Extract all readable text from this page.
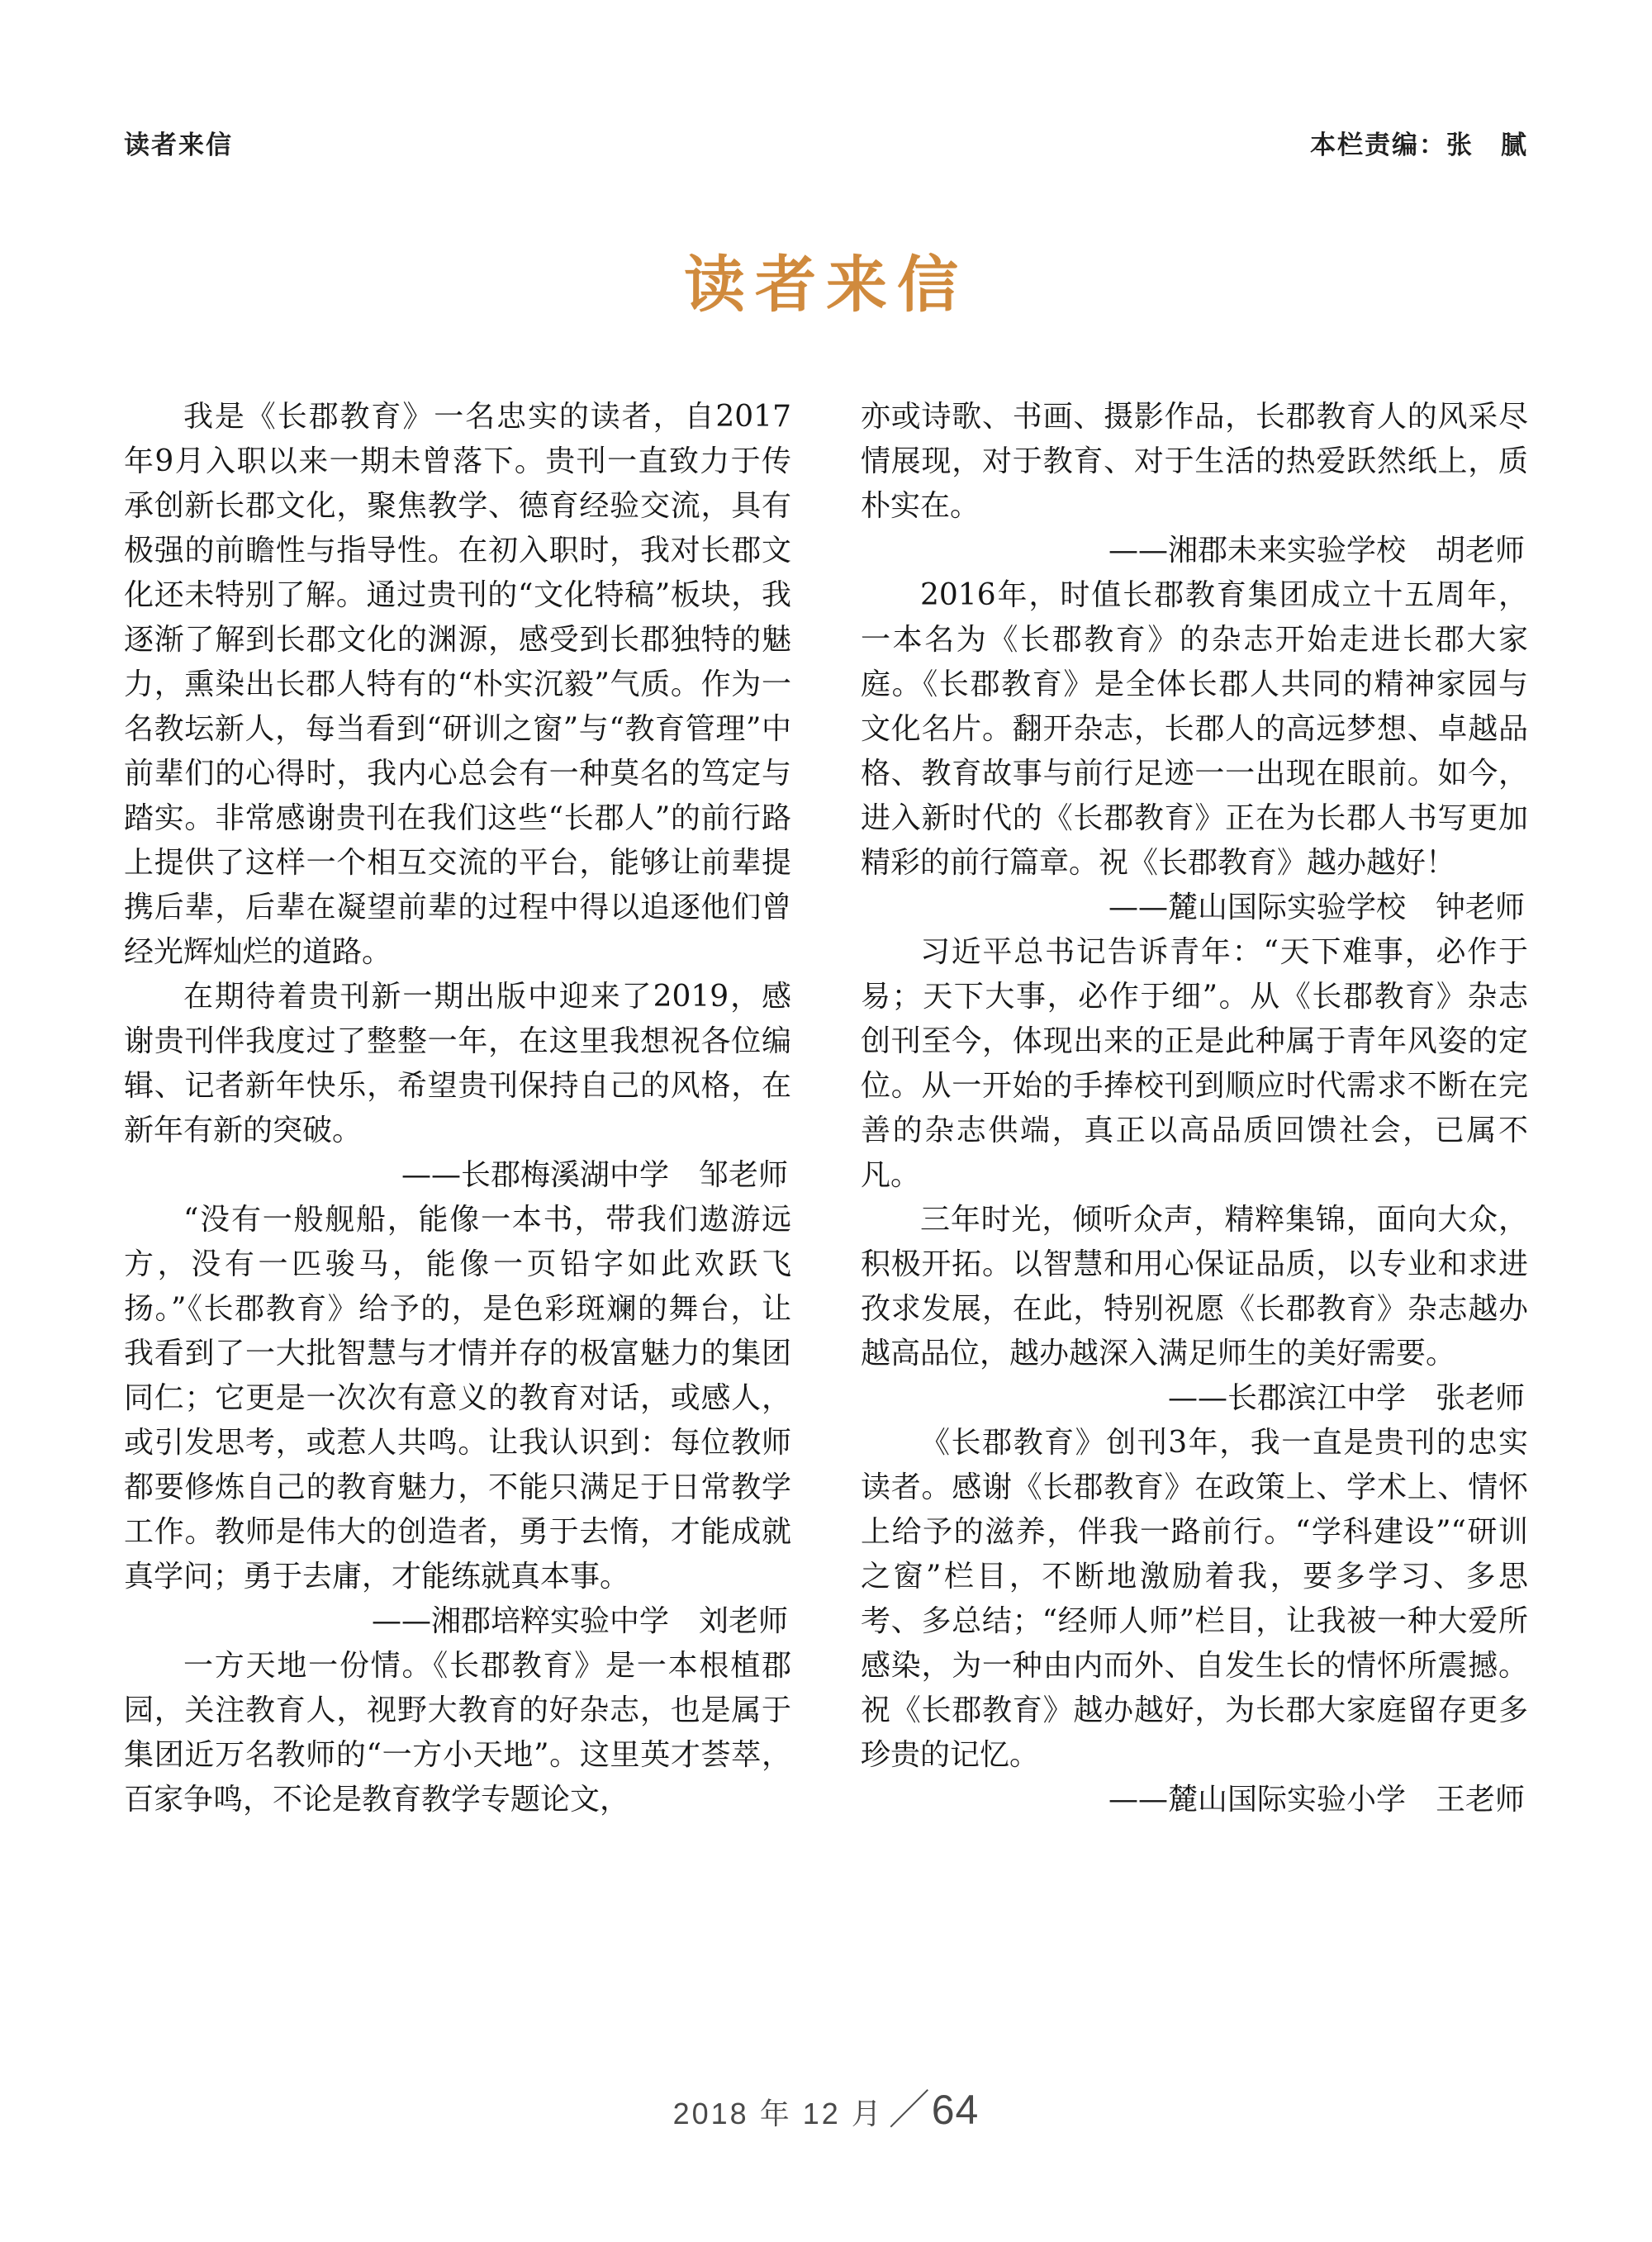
读者来信	本栏责编：张　腻
读者来信

我是《长郡教育》一名忠实的读者，自2017年9月入职以来一期未曾落下。贵刊一直致力于传承创新长郡文化，聚焦教学、德育经验交流，具有极强的前瞻性与指导性。在初入职时，我对长郡文化还未特别了解。通过贵刊的“文化特稿”板块，我逐渐了解到长郡文化的渊源，感受到长郡独特的魅力，熏染出长郡人特有的“朴实沉毅”气质。作为一名教坛新人，每当看到“研训之窗”与“教育管理”中前辈们的心得时，我内心总会有一种莫名的笃定与踏实。非常感谢贵刊在我们这些“长郡人”的前行路上提供了这样一个相互交流的平台，能够让前辈提携后辈，后辈在凝望前辈的过程中得以追逐他们曾经光辉灿烂的道路。

在期待着贵刊新一期出版中迎来了2019，感谢贵刊伴我度过了整整一年，在这里我想祝各位编辑、记者新年快乐，希望贵刊保持自己的风格，在新年有新的突破。

——长郡梅溪湖中学　邹老师

“没有一般舰船，能像一本书，带我们遨游远方，没有一匹骏马，能像一页铅字如此欢跃飞扬。”《长郡教育》给予的，是色彩斑斓的舞台，让我看到了一大批智慧与才情并存的极富魅力的集团同仁；它更是一次次有意义的教育对话，或感人，或引发思考，或惹人共鸣。让我认识到：每位教师都要修炼自己的教育魅力，不能只满足于日常教学工作。教师是伟大的创造者，勇于去惰，才能成就真学问；勇于去庸，才能练就真本事。

——湘郡培粹实验中学　刘老师

一方天地一份情。《长郡教育》是一本根植郡园，关注教育人，视野大教育的好杂志，也是属于集团近万名教师的“一方小天地”。这里英才荟萃，百家争鸣，不论是教育教学专题论文，

亦或诗歌、书画、摄影作品，长郡教育人的风采尽情展现，对于教育、对于生活的热爱跃然纸上，质朴实在。

——湘郡未来实验学校　胡老师

2016年，时值长郡教育集团成立十五周年，一本名为《长郡教育》的杂志开始走进长郡大家庭。《长郡教育》是全体长郡人共同的精神家园与文化名片。翻开杂志，长郡人的高远梦想、卓越品格、教育故事与前行足迹一一出现在眼前。如今，进入新时代的《长郡教育》正在为长郡人书写更加精彩的前行篇章。祝《长郡教育》越办越好！

——麓山国际实验学校　钟老师

习近平总书记告诉青年：“天下难事，必作于易；天下大事，必作于细”。从《长郡教育》杂志创刊至今，体现出来的正是此种属于青年风姿的定位。从一开始的手捧校刊到顺应时代需求不断在完善的杂志供端，真正以高品质回馈社会，已属不凡。

三年时光，倾听众声，精粹集锦，面向大众，积极开拓。以智慧和用心保证品质，以专业和求进孜求发展，在此，特别祝愿《长郡教育》杂志越办越高品位，越办越深入满足师生的美好需要。

——长郡滨江中学　张老师

《长郡教育》创刊3年，我一直是贵刊的忠实读者。感谢《长郡教育》在政策上、学术上、情怀上给予的滋养，伴我一路前行。“学科建设”“研训之窗”栏目，不断地激励着我，要多学习、多思考、多总结；“经师人师”栏目，让我被一种大爱所感染，为一种由内而外、自发生长的情怀所震撼。祝《长郡教育》越办越好，为长郡大家庭留存更多珍贵的记忆。

——麓山国际实验小学　王老师

2018 年 12 月 ／ 64
